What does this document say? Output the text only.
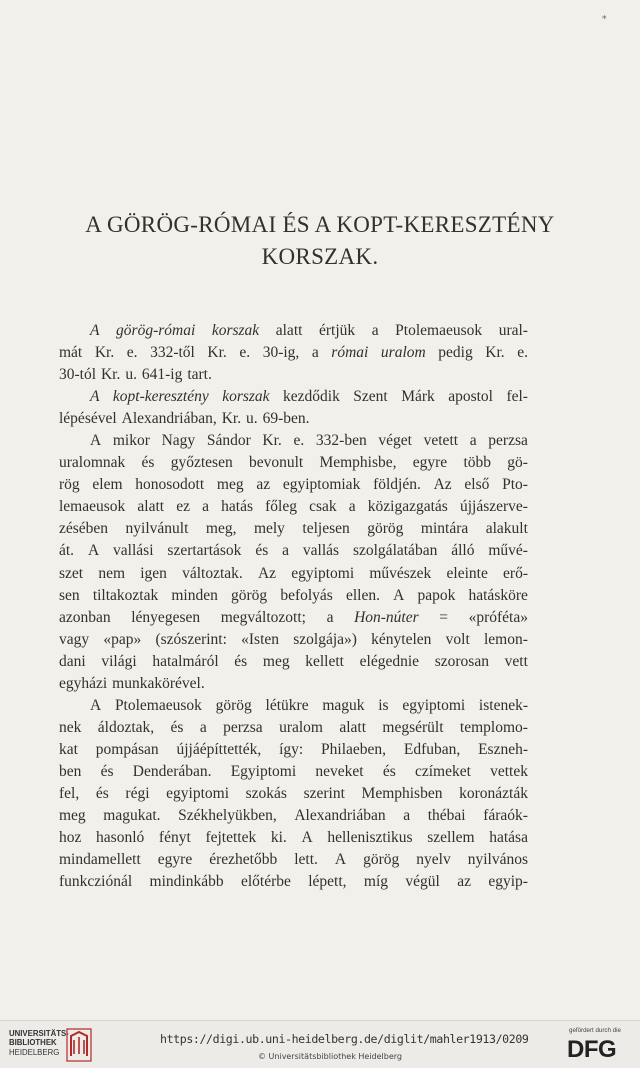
*
A GÖRÖG-RÓMAI ÉS A KOPT-KERESZTÉNY
KORSZAK.
A görög-római korszak alatt értjük a Ptolemaeusok ural-
mát Kr. e. 332-től Kr. e. 30-ig, a római uralom pedig Kr. e.
30-tól Kr. u. 641-ig tart.
A kopt-keresztény korszak kezdődik Szent Márk apostol fel-
lépésével Alexandriában, Kr. u. 69-ben.
A mikor Nagy Sándor Kr. e. 332-ben véget vetett a perzsa
uralomnak és győztesen bevonult Memphisbe, egyre több gö-
rög elem honosodott meg az egyiptomiak földjén. Az első Pto-
lemaeusok alatt ez a hatás főleg csak a közigazgatás újjászerve-
zésében nyilvánult meg, mely teljesen görög mintára alakult
át. A vallási szertartások és a vallás szolgálatában álló művé-
szet nem igen változtak. Az egyiptomi művészek eleinte erő-
sen tiltakoztak minden görög befolyás ellen. A papok hatásköre
azonban lényegesen megváltozott; a Hon-núter = «próféta»
vagy «pap» (szószerint: «Isten szolgája») kénytelen volt lemon-
dani világi hatalmáról és meg kellett elégednie szorosan vett
egyházi munkakörével.
A Ptolemaeusok görög létükre maguk is egyiptomi istenek-
nek áldoztak, és a perzsa uralom alatt megsérült templomo-
kat pompásan újjáépíttették, így: Philaeben, Edfuban, Eszneh-
ben és Denderában. Egyiptomi neveket és czímeket vettek
fel, és régi egyiptomi szokás szerint Memphisben koronázták
meg magukat. Székhelyükben, Alexandriában a thébai fáraók-
hoz hasonló fényt fejtettek ki. A hellenisztikus szellem hatása
mindamellett egyre érezhetőbb lett. A görög nyelv nyilvános
funkcziónál mindinkább előtérbe lépett, míg végül az egyip-
UNIVERSITÄTS-
BIBLIOTHEK
HEIDELBERG
https://digi.ub.uni-heidelberg.de/diglit/mahler1913/0209
© Universitätsbibliothek Heidelberg
gefördert durch die
DFG
